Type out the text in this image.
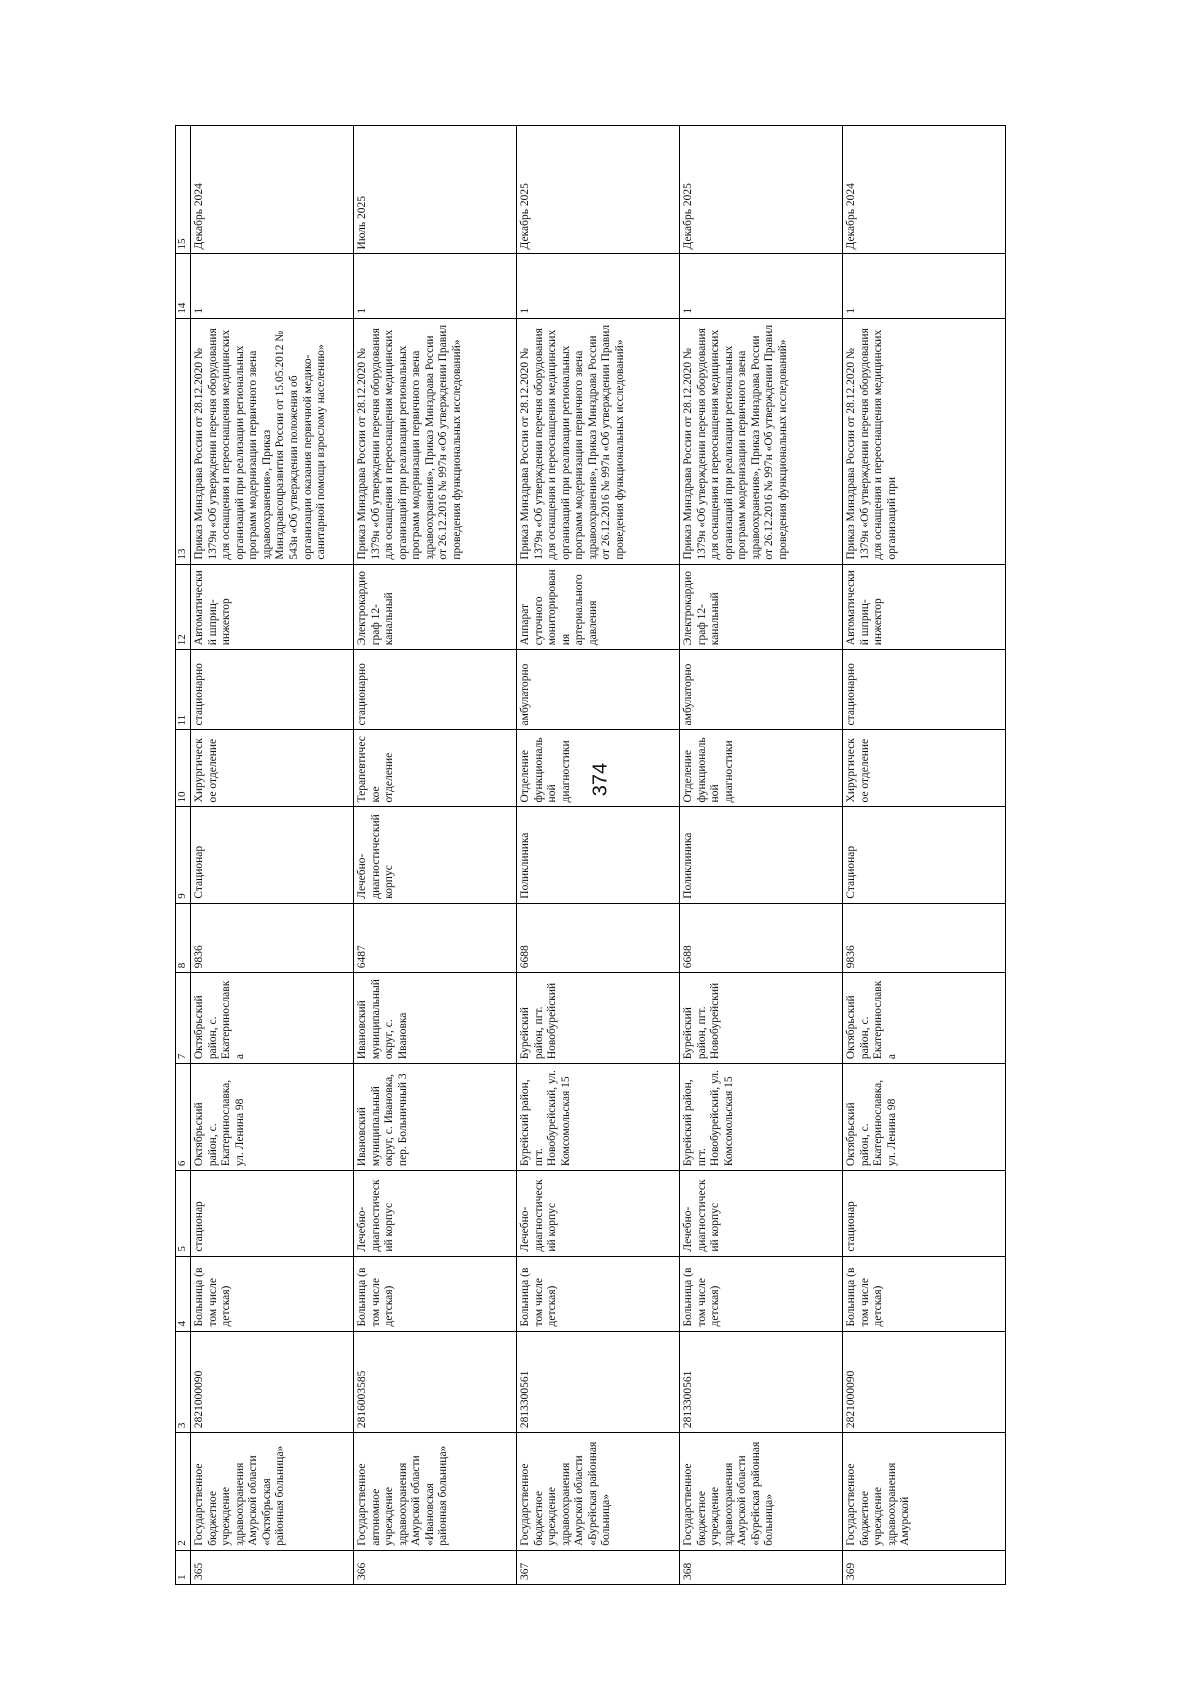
374
1	2	3	4	5	6	7	8	9	10	11	12	13	14	15
365	Государственное бюджетное учреждение здравоохранения Амурской области «Октябрьская районная больница»	2821000090	Больница (в том числе детская)	стационар	Октябрьский район, с. Екатеринославка, ул. Ленина 98	Октябрьский район, с. Екатеринославка	9836	Стационар	Хирургическое отделение	стационарно	Автоматический шприц-инжектор	Приказ Минздрава России от 28.12.2020 № 1379н «Об утверждении перечня оборудования для оснащения и переоснащения медицинских организаций при реализации региональных программ модернизации первичного звена здравоохранения», Приказ Минздравсоцразвития России от 15.05.2012 № 543н «Об утверждении положения об организации оказания первичной медико-санитарной помощи взрослому населению»	1	Декабрь 2024
366	Государственное автономное учреждение здравоохранения Амурской области «Ивановская районная больница»	2816003585	Больница (в том числе детская)	Лечебно-диагностический корпус	Ивановский муниципальный округ, с. Ивановка, пер. Больничный 3	Ивановский муниципальный округ, с. Ивановка	6487	Лечебно-диагностический корпус	Терапевтическое отделение	стационарно	Электрокардиограф 12-канальный	Приказ Минздрава России от 28.12.2020 № 1379н «Об утверждении перечня оборудования для оснащения и переоснащения медицинских организаций при реализации региональных программ модернизации первичного звена здравоохранения», Приказ Минздрава России от 26.12.2016 № 997н «Об утверждении Правил проведения функциональных исследований»	1	Июль 2025
367	Государственное бюджетное учреждение здравоохранения Амурской области «Бурейская районная больница»	2813300561	Больница (в том числе детская)	Лечебно-диагностический корпус	Бурейский район, пгт. Новобурейский, ул. Комсомольская 15	Бурейский район, пгт. Новобурейский	6688	Поликлиника	Отделение функциональной диагностики	амбулаторно	Аппарат суточного мониторирования артериального давления	Приказ Минздрава России от 28.12.2020 № 1379н «Об утверждении перечня оборудования для оснащения и переоснащения медицинских организаций при реализации региональных программ модернизации первичного звена здравоохранения», Приказ Минздрава России от 26.12.2016 № 997н «Об утверждении Правил проведения функциональных исследований»	1	Декабрь 2025
368	Государственное бюджетное учреждение здравоохранения Амурской области «Бурейская районная больница»	2813300561	Больница (в том числе детская)	Лечебно-диагностический корпус	Бурейский район, пгт. Новобурейский, ул. Комсомольская 15	Бурейский район, пгт. Новобурейский	6688	Поликлиника	Отделение функциональной диагностики	амбулаторно	Электрокардиограф 12-канальный	Приказ Минздрава России от 28.12.2020 № 1379н «Об утверждении перечня оборудования для оснащения и переоснащения медицинских организаций при реализации региональных программ модернизации первичного звена здравоохранения», Приказ Минздрава России от 26.12.2016 № 997н «Об утверждении Правил проведения функциональных исследований»	1	Декабрь 2025
369	Государственное бюджетное учреждение здравоохранения Амурской	2821000090	Больница (в том числе детская)	стационар	Октябрьский район, с. Екатеринославка, ул. Ленина 98	Октябрьский район, с. Екатеринославка	9836	Стационар	Хирургическое отделение	стационарно	Автоматический шприц-инжектор	Приказ Минздрава России от 28.12.2020 № 1379н «Об утверждении перечня оборудования для оснащения и переоснащения медицинских организаций при	1	Декабрь 2024
